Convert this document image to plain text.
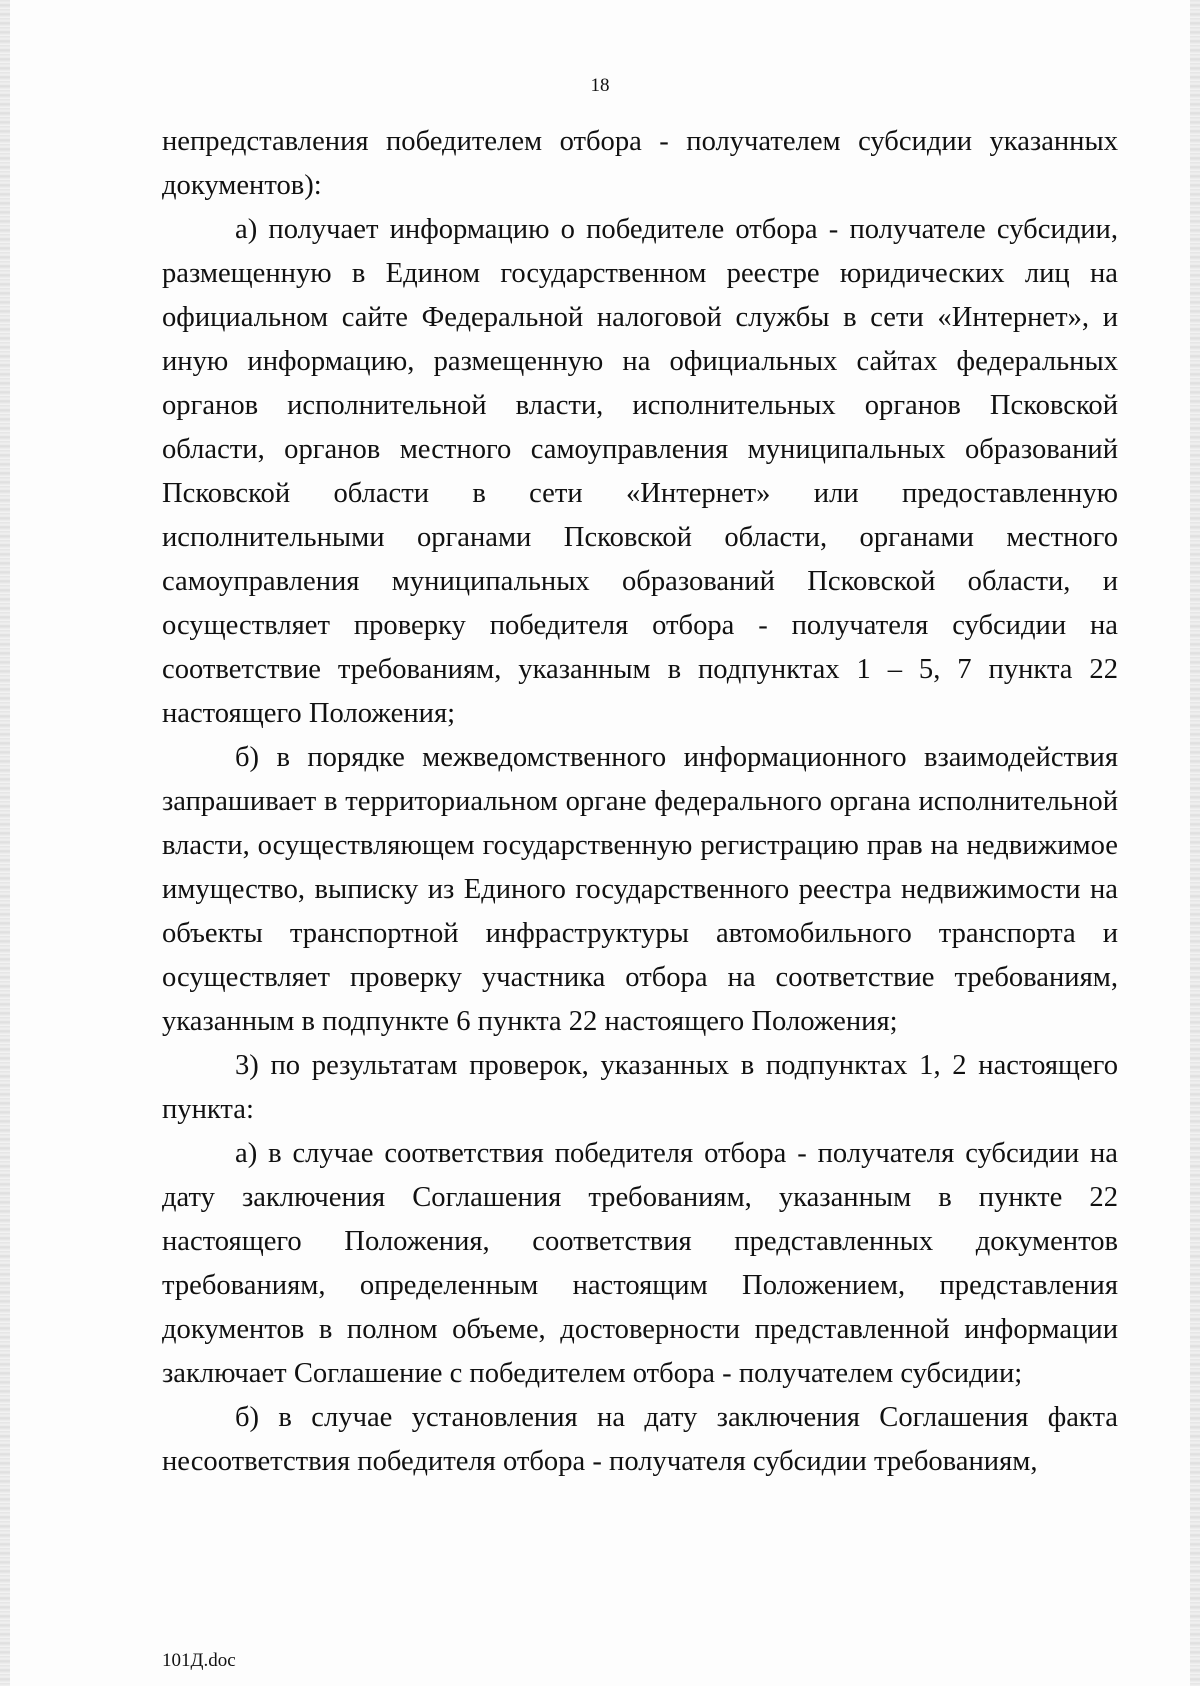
18

непредставления победителем отбора - получателем субсидии указанных документов):

а) получает информацию о победителе отбора - получателе субсидии, размещенную в Едином государственном реестре юридических лиц на официальном сайте Федеральной налоговой службы в сети «Интернет», и иную информацию, размещенную на официальных сайтах федеральных органов исполнительной власти, исполнительных органов Псковской области, органов местного самоуправления муниципальных образований Псковской области в сети «Интернет» или предоставленную исполнительными органами Псковской области, органами местного самоуправления муниципальных образований Псковской области, и осуществляет проверку победителя отбора - получателя субсидии на соответствие требованиям, указанным в подпунктах 1 – 5, 7 пункта 22 настоящего Положения;

б) в порядке межведомственного информационного взаимодействия запрашивает в территориальном органе федерального органа исполнительной власти, осуществляющем государственную регистрацию прав на недвижимое имущество, выписку из Единого государственного реестра недвижимости на объекты транспортной инфраструктуры автомобильного транспорта и осуществляет проверку участника отбора на соответствие требованиям, указанным в подпункте 6 пункта 22 настоящего Положения;

3) по результатам проверок, указанных в подпунктах 1, 2 настоящего пункта:

а) в случае соответствия победителя отбора - получателя субсидии на дату заключения Соглашения требованиям, указанным в пункте 22 настоящего Положения, соответствия представленных документов требованиям, определенным настоящим Положением, представления документов в полном объеме, достоверности представленной информации заключает Соглашение с победителем отбора - получателем субсидии;

б) в случае установления на дату заключения Соглашения факта несоответствия победителя отбора - получателя субсидии требованиям,

101Д.doc
